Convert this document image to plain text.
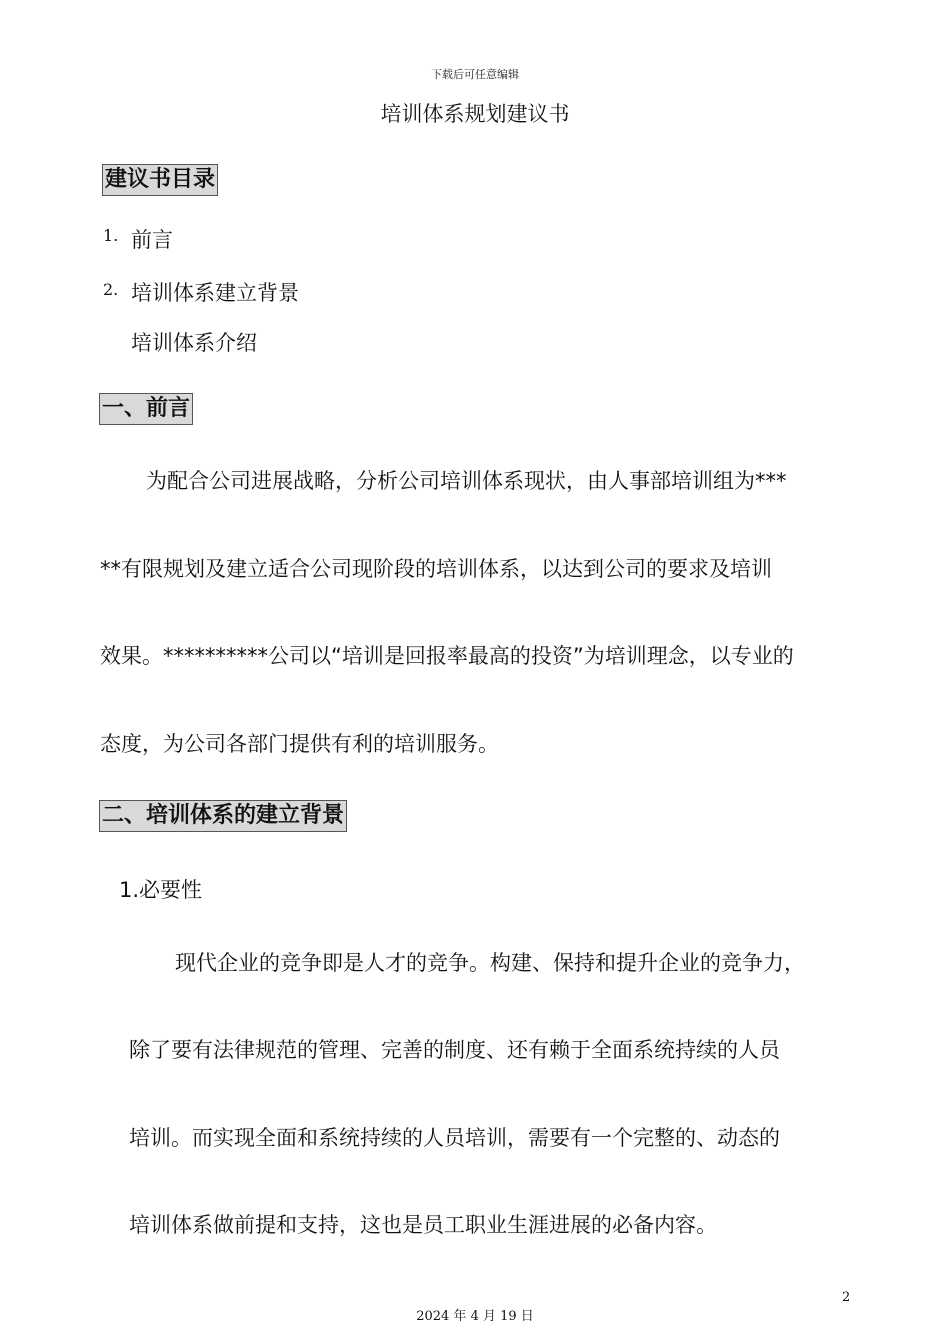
下载后可任意编辑
培训体系规划建议书
建议书目录
1. 前言
2. 培训体系建立背景
培训体系介绍
一、前言
为配合公司进展战略，分析公司培训体系现状，由人事部培训组为***
**有限规划及建立适合公司现阶段的培训体系，以达到公司的要求及培训
效果。**********公司以“培训是回报率最高的投资”为培训理念，以专业的
态度，为公司各部门提供有利的培训服务。
二、培训体系的建立背景
1.必要性
现代企业的竞争即是人才的竞争。构建、保持和提升企业的竞争力，
除了要有法律规范的管理、完善的制度、还有赖于全面系统持续的人员
培训。而实现全面和系统持续的人员培训，需要有一个完整的、动态的
培训体系做前提和支持，这也是员工职业生涯进展的必备内容。
2
2024 年 4 月 19 日
